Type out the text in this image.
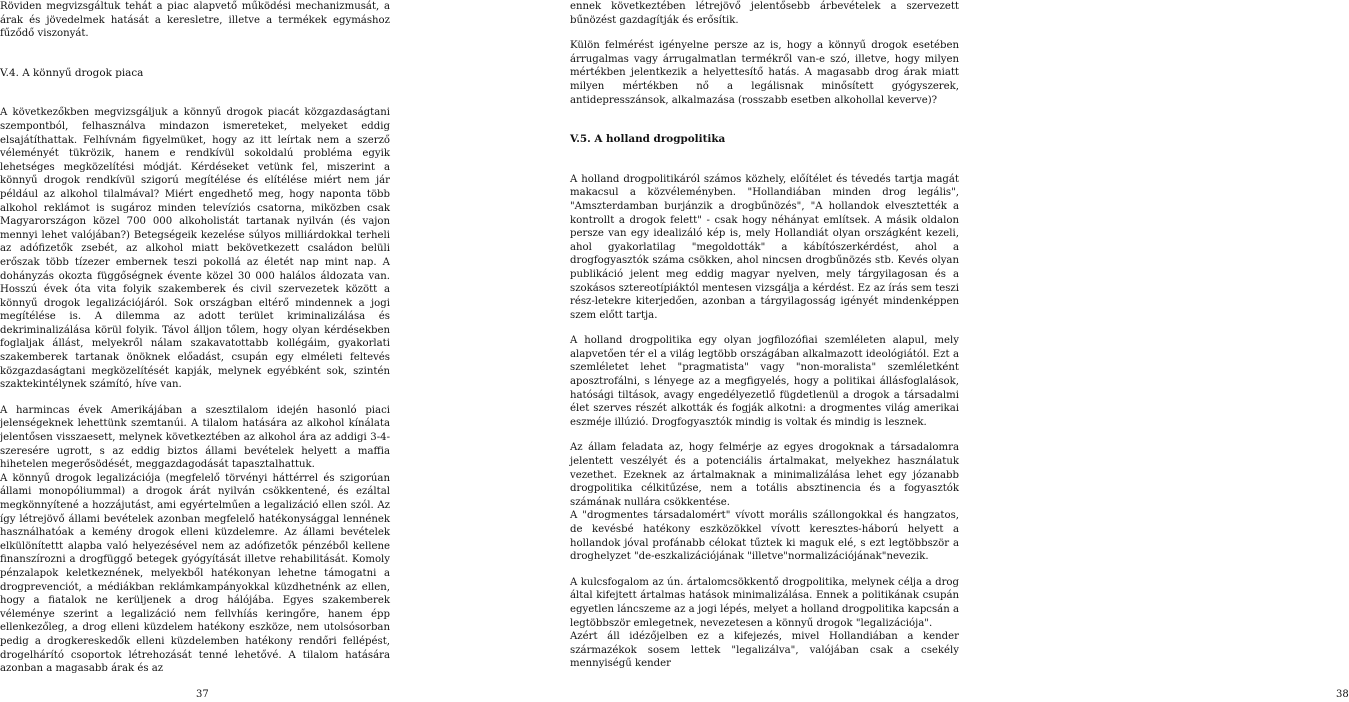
Röviden megvizsgáltuk tehát a piac alapvető működési mechanizmusát, a árak és jövedelmek hatását a keresletre, illetve a termékek egymáshoz fűződő viszonyát.

V.4. A könnyű drogok piaca

A következőkben megvizsgáljuk a könnyű drogok piacát közgazdaságtani szempontból, felhasználva mindazon ismereteket, melyeket eddig elsajátíthattak. Felhívnám figyelmüket, hogy az itt leírtak nem a szerző véleményét tükrözik, hanem e rendkívül sokoldalú probléma egyik lehetséges megközelítési módját. Kérdéseket vetünk fel, miszerint a könnyű drogok rendkívül szigorú megítélése és elítélése miért nem jár például az alkohol tilalmával? Miért engedhető meg, hogy naponta több alkohol reklámot is sugároz minden televíziós csatorna, miközben csak Magyarországon közel 700 000 alkoholistát tartanak nyilván (és vajon mennyi lehet valójában?) Betegségeik kezelése súlyos milliárdokkal terheli az adófizetők zsebét, az alkohol miatt bekövetkezett családon belüli erőszak több tízezer embernek teszi pokollá az életét nap mint nap. A dohányzás okozta függőségnek évente közel 30 000 halálos áldozata van. Hosszú évek óta vita folyik szakemberek és civil szervezetek között a könnyű drogok legalizációjáról. Sok országban eltérő mindennek a jogi megítélése is. A dilemma az adott terület kriminalizálása és dekriminalizálása körül folyik. Távol álljon tőlem, hogy olyan kérdésekben foglaljak állást, melyekről nálam szakavatottabb kollégáim, gyakorlati szakemberek tartanak önöknek előadást, csupán egy elméleti feltevés közgazdaságtani megközelítését kapják, melynek egyébként sok, szintén szaktekintélynek számító, híve van.

A harmincas évek Amerikájában a szesztilalom idején hasonló piaci jelenségeknek lehettünk szemtanúi. A tilalom hatására az alkohol kínálata jelentősen visszaesett, melynek következtében az alkohol ára az addigi 3-4-szeresére ugrott, s az eddig biztos állami bevételek helyett a maffia hihetelen megerősödését, meggazdagodását tapasztalhattuk.

A könnyű drogok legalizációja (megfelelő törvényi háttérrel és szigorúan állami monopóliummal) a drogok árát nyilván csökkentené, és ezáltal megkönnyítené a hozzájutást, ami egyértelműen a legalizáció ellen szól. Az így létrejövő állami bevételek azonban megfelelő hatékonysággal lennének használhatóak a kemény drogok elleni küzdelemre. Az állami bevételek elkülönítettt alapba való helyezésével nem az adófizetők pénzéből kellene finanszírozni a drogfüggő betegek gyógyítását illetve rehabilitását. Komoly pénzalapok keletkeznének, melyekből hatékonyan lehetne támogatni a drogprevenciót, a médiákban reklámkampányokkal küzdhetnénk az ellen, hogy a fiatalok ne kerüljenek a drog hálójába. Egyes szakemberek véleménye szerint a legalizáció nem fellvhíás keringőre, hanem épp ellenkezőleg, a drog elleni küzdelem hatékony eszköze, nem utolsósorban pedig a drogkereskedők elleni küzdelemben hatékony rendőri fellépést, drogelhárító csoportok létrehozását tenné lehetővé. A tilalom hatására azonban a magasabb árak és az

37

ennek következtében létrejövő jelentősebb árbevételek a szervezett bűnözést gazdagítják és erősítik.

Külön felmérést igényelne persze az is, hogy a könnyű drogok esetében árrugalmas vagy árrugalmatlan termékről van-e szó, illetve, hogy milyen mértékben jelentkezik a helyettesítő hatás. A magasabb drog árak miatt milyen mértékben nő a legálisnak minősített gyógyszerek, antidepresszánsok, alkalmazása (rosszabb esetben alkohollal keverve)?

V.5. A holland drogpolitika

A holland drogpolitikáról számos közhely, előítélet és tévedés tartja magát makacsul a közvéleményben. "Hollandiában minden drog legális", "Amszterdamban burjánzik a drogbűnözés", "A hollandok elvesztették a kontrollt a drogok felett" - csak hogy néhányat említsek. A másik oldalon persze van egy idealizáló kép is, mely Hollandiát olyan országként kezeli, ahol gyakorlatilag "megoldották" a kábítószerkérdést, ahol a drogfogyasztók száma csökken, ahol nincsen drogbűnözés stb. Kevés olyan publikáció jelent meg eddig magyar nyelven, mely tárgyilagosan és a szokásos sztereotípiáktól mentesen vizsgálja a kérdést. Ez az írás sem teszi rész-letekre kiterjedően, azonban a tárgyilagosság igényét mindenképpen szem előtt tartja.

A holland drogpolitika egy olyan jogfilozófiai szemléleten alapul, mely alapvetően tér el a világ legtöbb országában alkalmazott ideológiától. Ezt a szemléletet lehet "pragmatista" vagy "non-moralista" szemléletként aposztrofálni, s lényege az a megfigyelés, hogy a politikai állásfoglalások, hatósági tiltások, avagy engedélyezetlő fügdetlenül a drogok a társadalmi élet szerves részét alkották és fogják alkotni: a drogmentes világ amerikai eszméje illúzió. Drogfogyasztók mindig is voltak és mindig is lesznek.

Az állam feladata az, hogy felmérje az egyes drogoknak a társadalomra jelentett veszélyét és a potenciális ártalmakat, melyekhez használatuk vezethet. Ezeknek az ártalmaknak a minimalizálása lehet egy józanabb drogpolitika célkitűzése, nem a totális absztinencia és a fogyasztók számának nullára csökkentése.

A "drogmentes társadalomért" vívott morális szállongokkal és hangzatos, de kevésbé hatékony eszközökkel vívott keresztes-háború helyett a hollandok jóval profánabb célokat tűztek ki maguk elé, s ezt legtöbbször a droghelyzet "de-eszkalizációjának "illetve"normalizációjának"nevezik.

A kulcsfogalom az ún. ártalomcsökkentő drogpolitika, melynek célja a drog által kifejtett ártalmas hatások minimalizálása. Ennek a politikának csupán egyetlen láncszeme az a jogi lépés, melyet a holland drogpolitika kapcsán a legtöbbször emlegetnek, nevezetesen a könnyű drogok "legalizációja".

Azért áll idézőjelben ez a kifejezés, mivel Hollandiában a kender származékok sosem lettek "legalizálva", valójában csak a csekély mennyiségű kender

38
